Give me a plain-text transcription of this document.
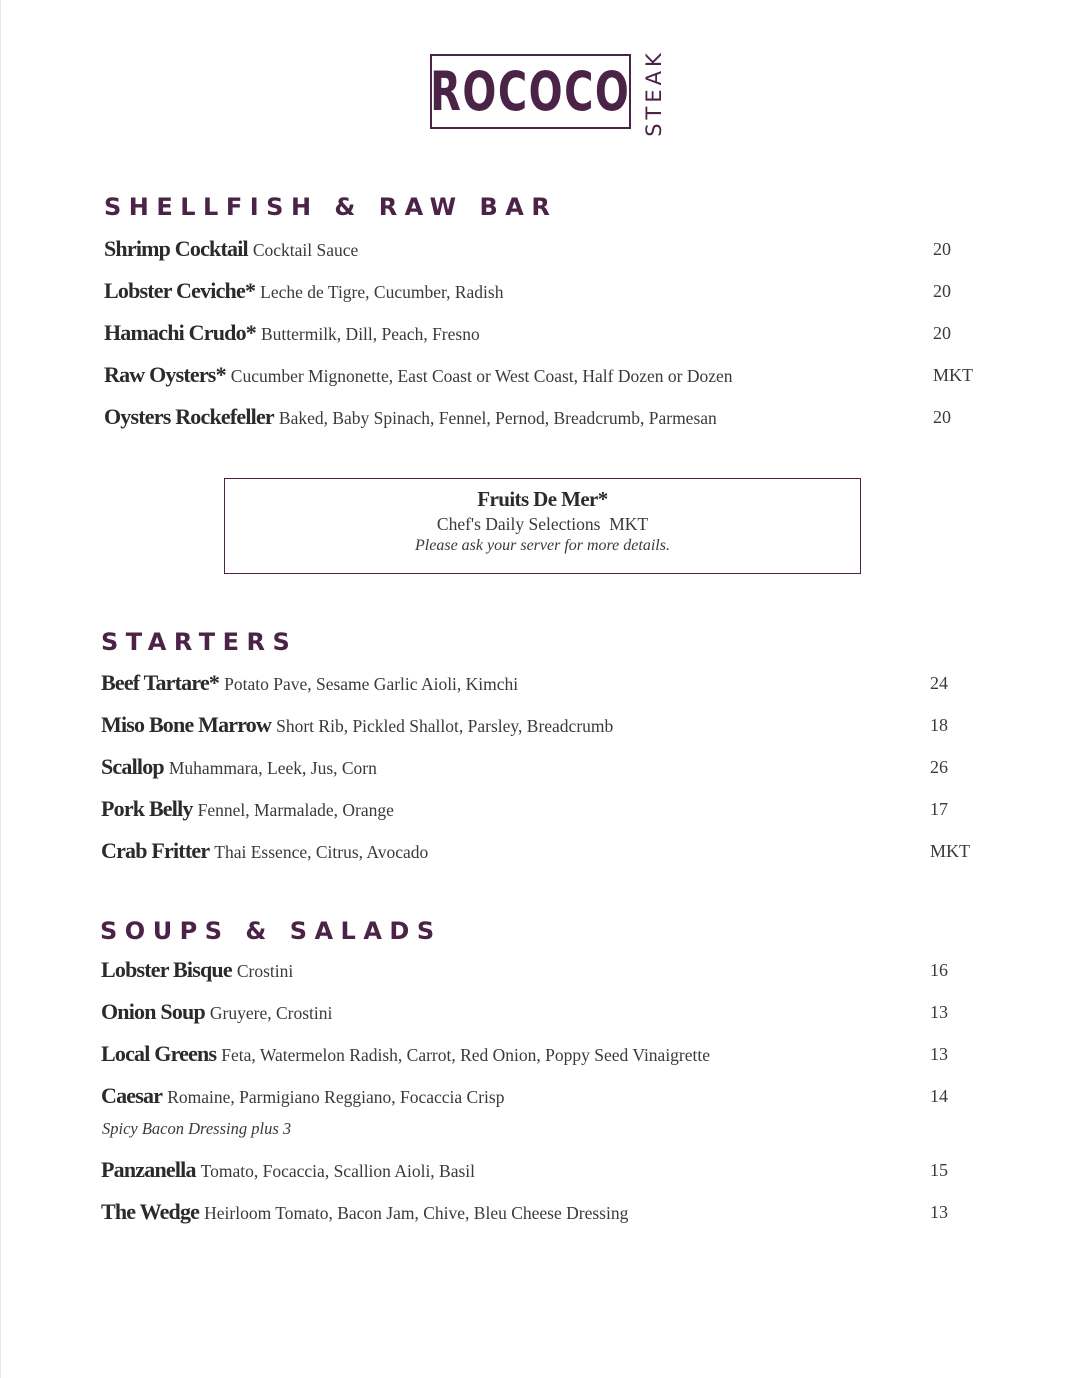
ROCOCO STEAK
SHELLFISH & RAW BAR
Shrimp Cocktail Cocktail Sauce	20
Lobster Ceviche* Leche de Tigre, Cucumber, Radish	20
Hamachi Crudo* Buttermilk, Dill, Peach, Fresno	20
Raw Oysters* Cucumber Mignonette, East Coast or West Coast, Half Dozen or Dozen	MKT
Oysters Rockefeller Baked, Baby Spinach, Fennel, Pernod, Breadcrumb, Parmesan	20
Fruits De Mer*
Chef's Daily Selections  MKT
Please ask your server for more details.
STARTERS
Beef Tartare* Potato Pave, Sesame Garlic Aioli, Kimchi	24
Miso Bone Marrow Short Rib, Pickled Shallot, Parsley, Breadcrumb	18
Scallop Muhammara, Leek, Jus, Corn	26
Pork Belly Fennel, Marmalade, Orange	17
Crab Fritter Thai Essence, Citrus, Avocado	MKT
SOUPS & SALADS
Lobster Bisque Crostini	16
Onion Soup Gruyere, Crostini	13
Local Greens Feta, Watermelon Radish, Carrot, Red Onion, Poppy Seed Vinaigrette	13
Caesar Romaine, Parmigiano Reggiano, Focaccia Crisp	14
Spicy Bacon Dressing plus 3
Panzanella Tomato, Focaccia, Scallion Aioli, Basil	15
The Wedge Heirloom Tomato, Bacon Jam, Chive, Bleu Cheese Dressing	13
